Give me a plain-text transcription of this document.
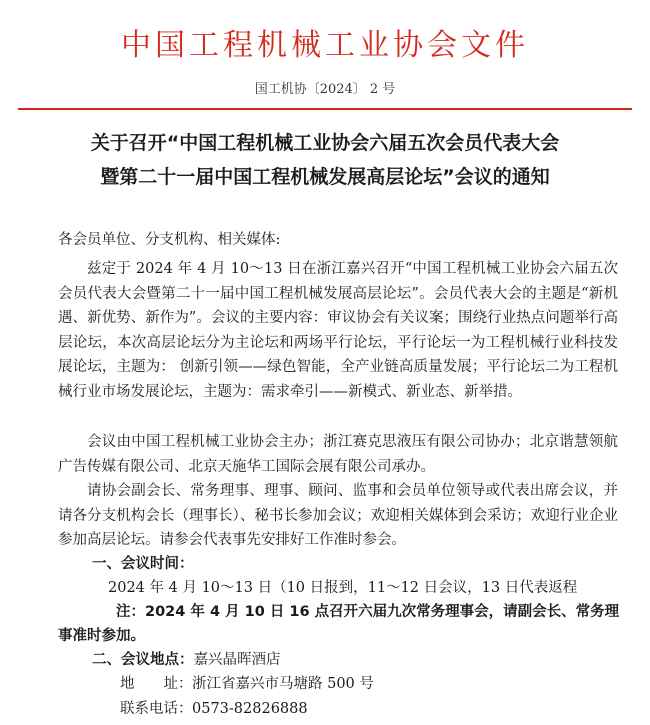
中国工程机械工业协会文件
国工机协〔2024〕 2 号
关于召开“中国工程机械工业协会六届五次会员代表大会
暨第二十一届中国工程机械发展高层论坛”会议的通知
各会员单位、分支机构、相关媒体:
兹定于 2024 年 4 月 10～13 日在浙江嘉兴召开“中国工程机械工业协会六届五次会员代表大会暨第二十一届中国工程机械发展高层论坛”。会员代表大会的主题是“新机遇、新优势、新作为”。会议的主要内容：审议协会有关议案；围绕行业热点问题举行高层论坛，本次高层论坛分为主论坛和两场平行论坛，平行论坛一为工程机械行业科技发展论坛，主题为： 创新引领——绿色智能，全产业链高质量发展；平行论坛二为工程机械行业市场发展论坛，主题为：需求牵引——新模式、新业态、新举措。
会议由中国工程机械工业协会主办；浙江赛克思液压有限公司协办；北京谐慧领航广告传媒有限公司、北京天施华工国际会展有限公司承办。
请协会副会长、常务理事、理事、顾问、监事和会员单位领导或代表出席会议，并请各分支机构会长（理事长）、秘书长参加会议；欢迎相关媒体到会采访；欢迎行业企业参加高层论坛。请参会代表事先安排好工作准时参会。
一、会议时间：
2024 年 4 月 10～13 日（10 日报到，11～12 日会议，13 日代表返程
注：2024 年 4 月 10 日 16 点召开六届九次常务理事会，请副会长、常务理事准时参加。
二、会议地点：嘉兴晶晖酒店
地　　址：浙江省嘉兴市马塘路 500 号
联系电话：0573-82826888
